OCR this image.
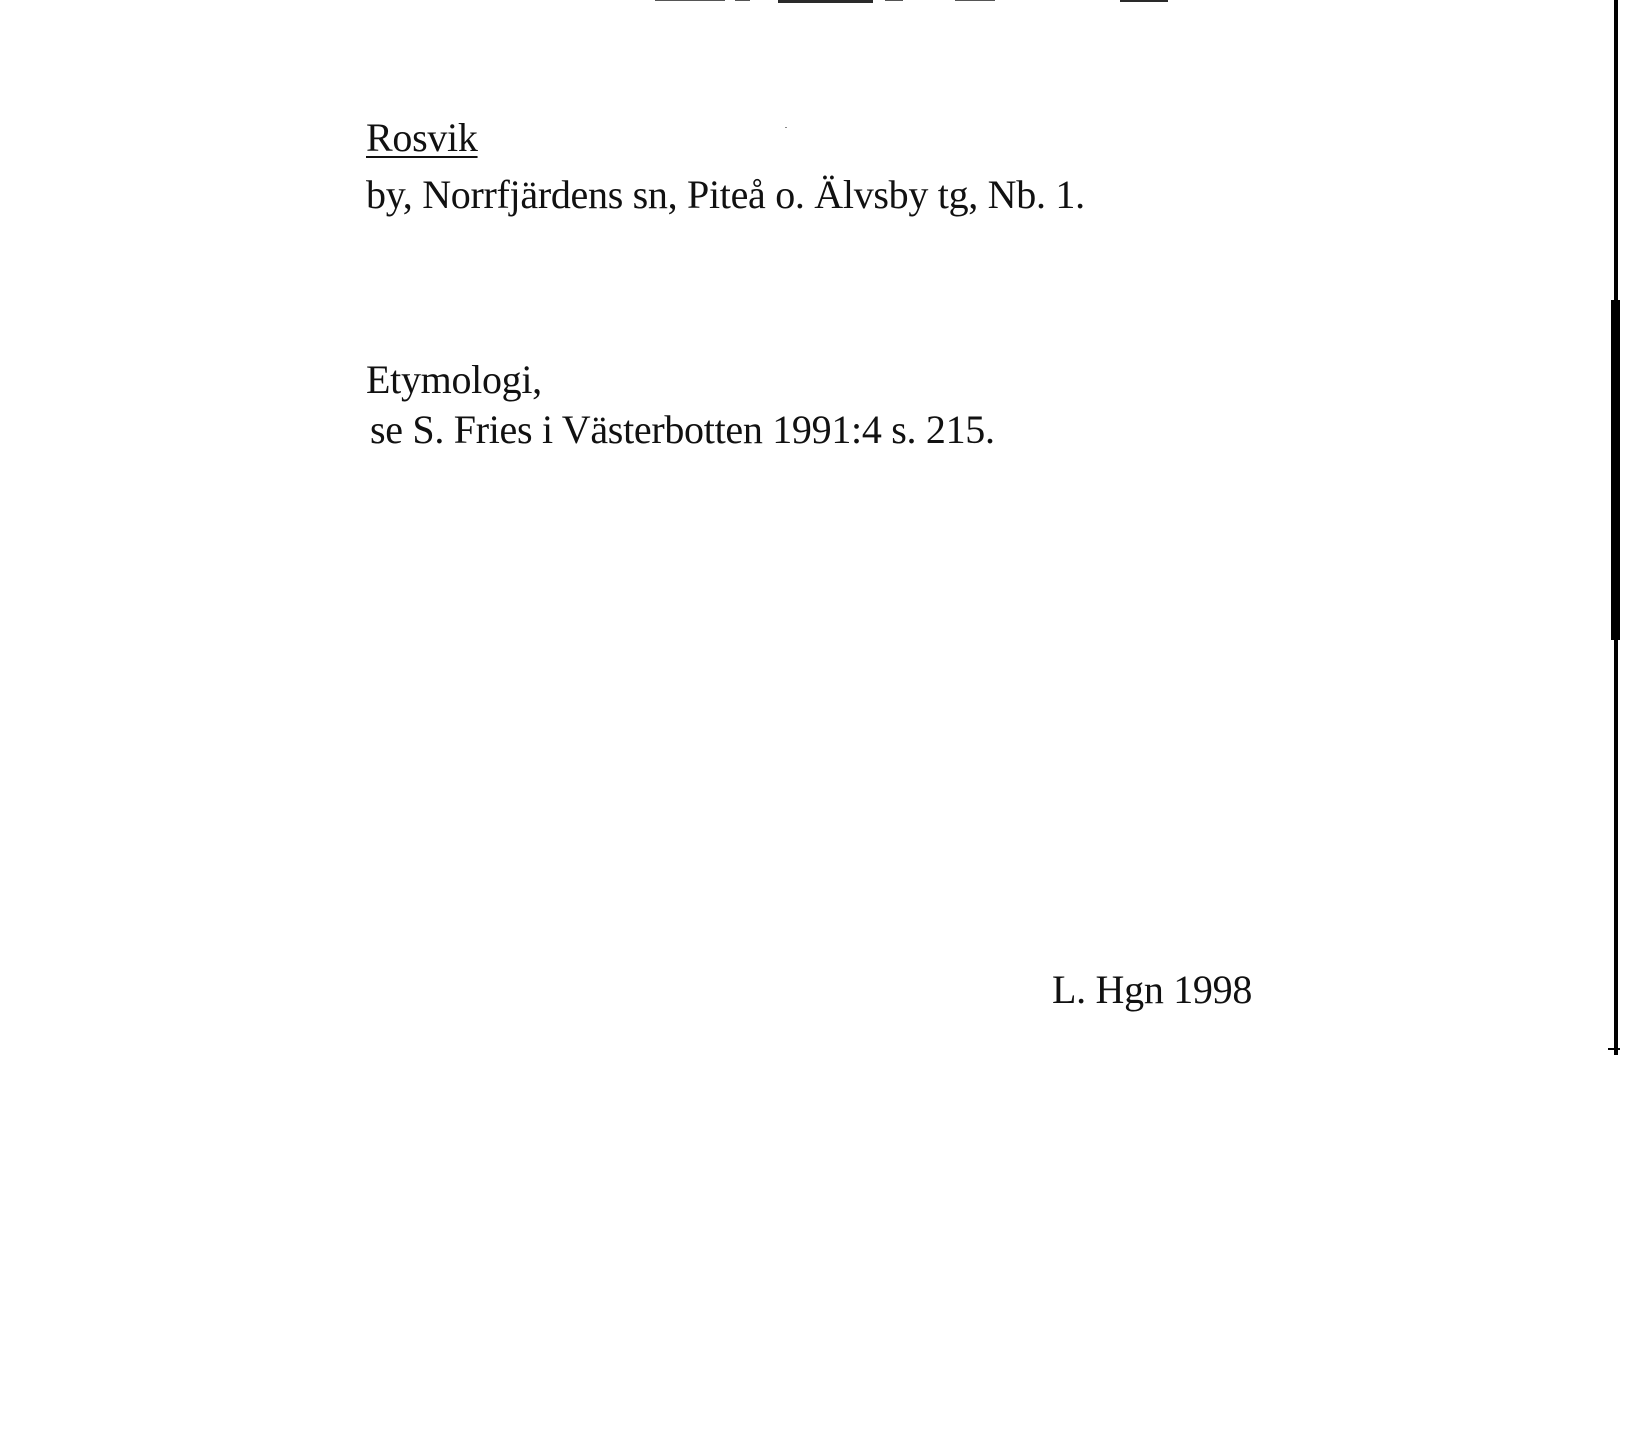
Rosvik

by, Norrfjärdens sn, Piteå o. Älvsby tg, Nb. 1.

Etymologi,

se S. Fries i Västerbotten 1991:4 s. 215.

L. Hgn 1998
